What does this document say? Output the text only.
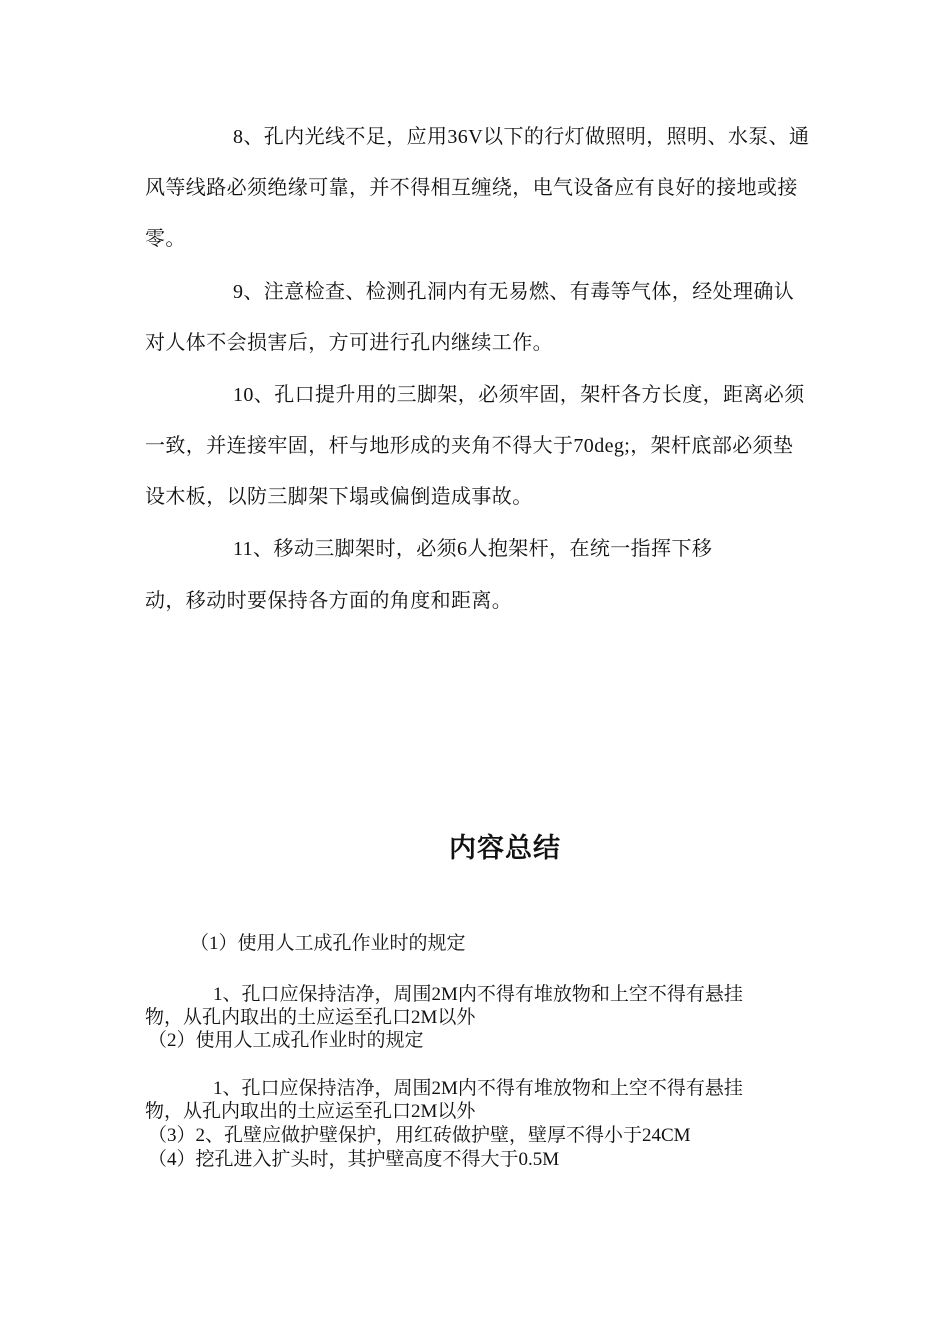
8、孔内光线不足，应用36V以下的行灯做照明，照明、水泵、通风等线路必须绝缘可靠，并不得相互缠绕，电气设备应有良好的接地或接零。

9、注意检查、检测孔洞内有无易燃、有毒等气体，经处理确认对人体不会损害后，方可进行孔内继续工作。

10、孔口提升用的三脚架，必须牢固，架杆各方长度，距离必须一致，并连接牢固，杆与地形成的夹角不得大于70deg;，架杆底部必须垫设木板，以防三脚架下塌或偏倒造成事故。

11、移动三脚架时，必须6人抱架杆，在统一指挥下移

动，移动时要保持各方面的角度和距离。

内容总结

（1）使用人工成孔作业时的规定

1、孔口应保持洁净，周围2M内不得有堆放物和上空不得有悬挂

物，从孔内取出的土应运至孔口2M以外

（2）使用人工成孔作业时的规定

1、孔口应保持洁净，周围2M内不得有堆放物和上空不得有悬挂

物，从孔内取出的土应运至孔口2M以外

（3）2、孔壁应做护壁保护，用红砖做护壁，壁厚不得小于24CM

（4）挖孔进入扩头时，其护壁高度不得大于0.5M
